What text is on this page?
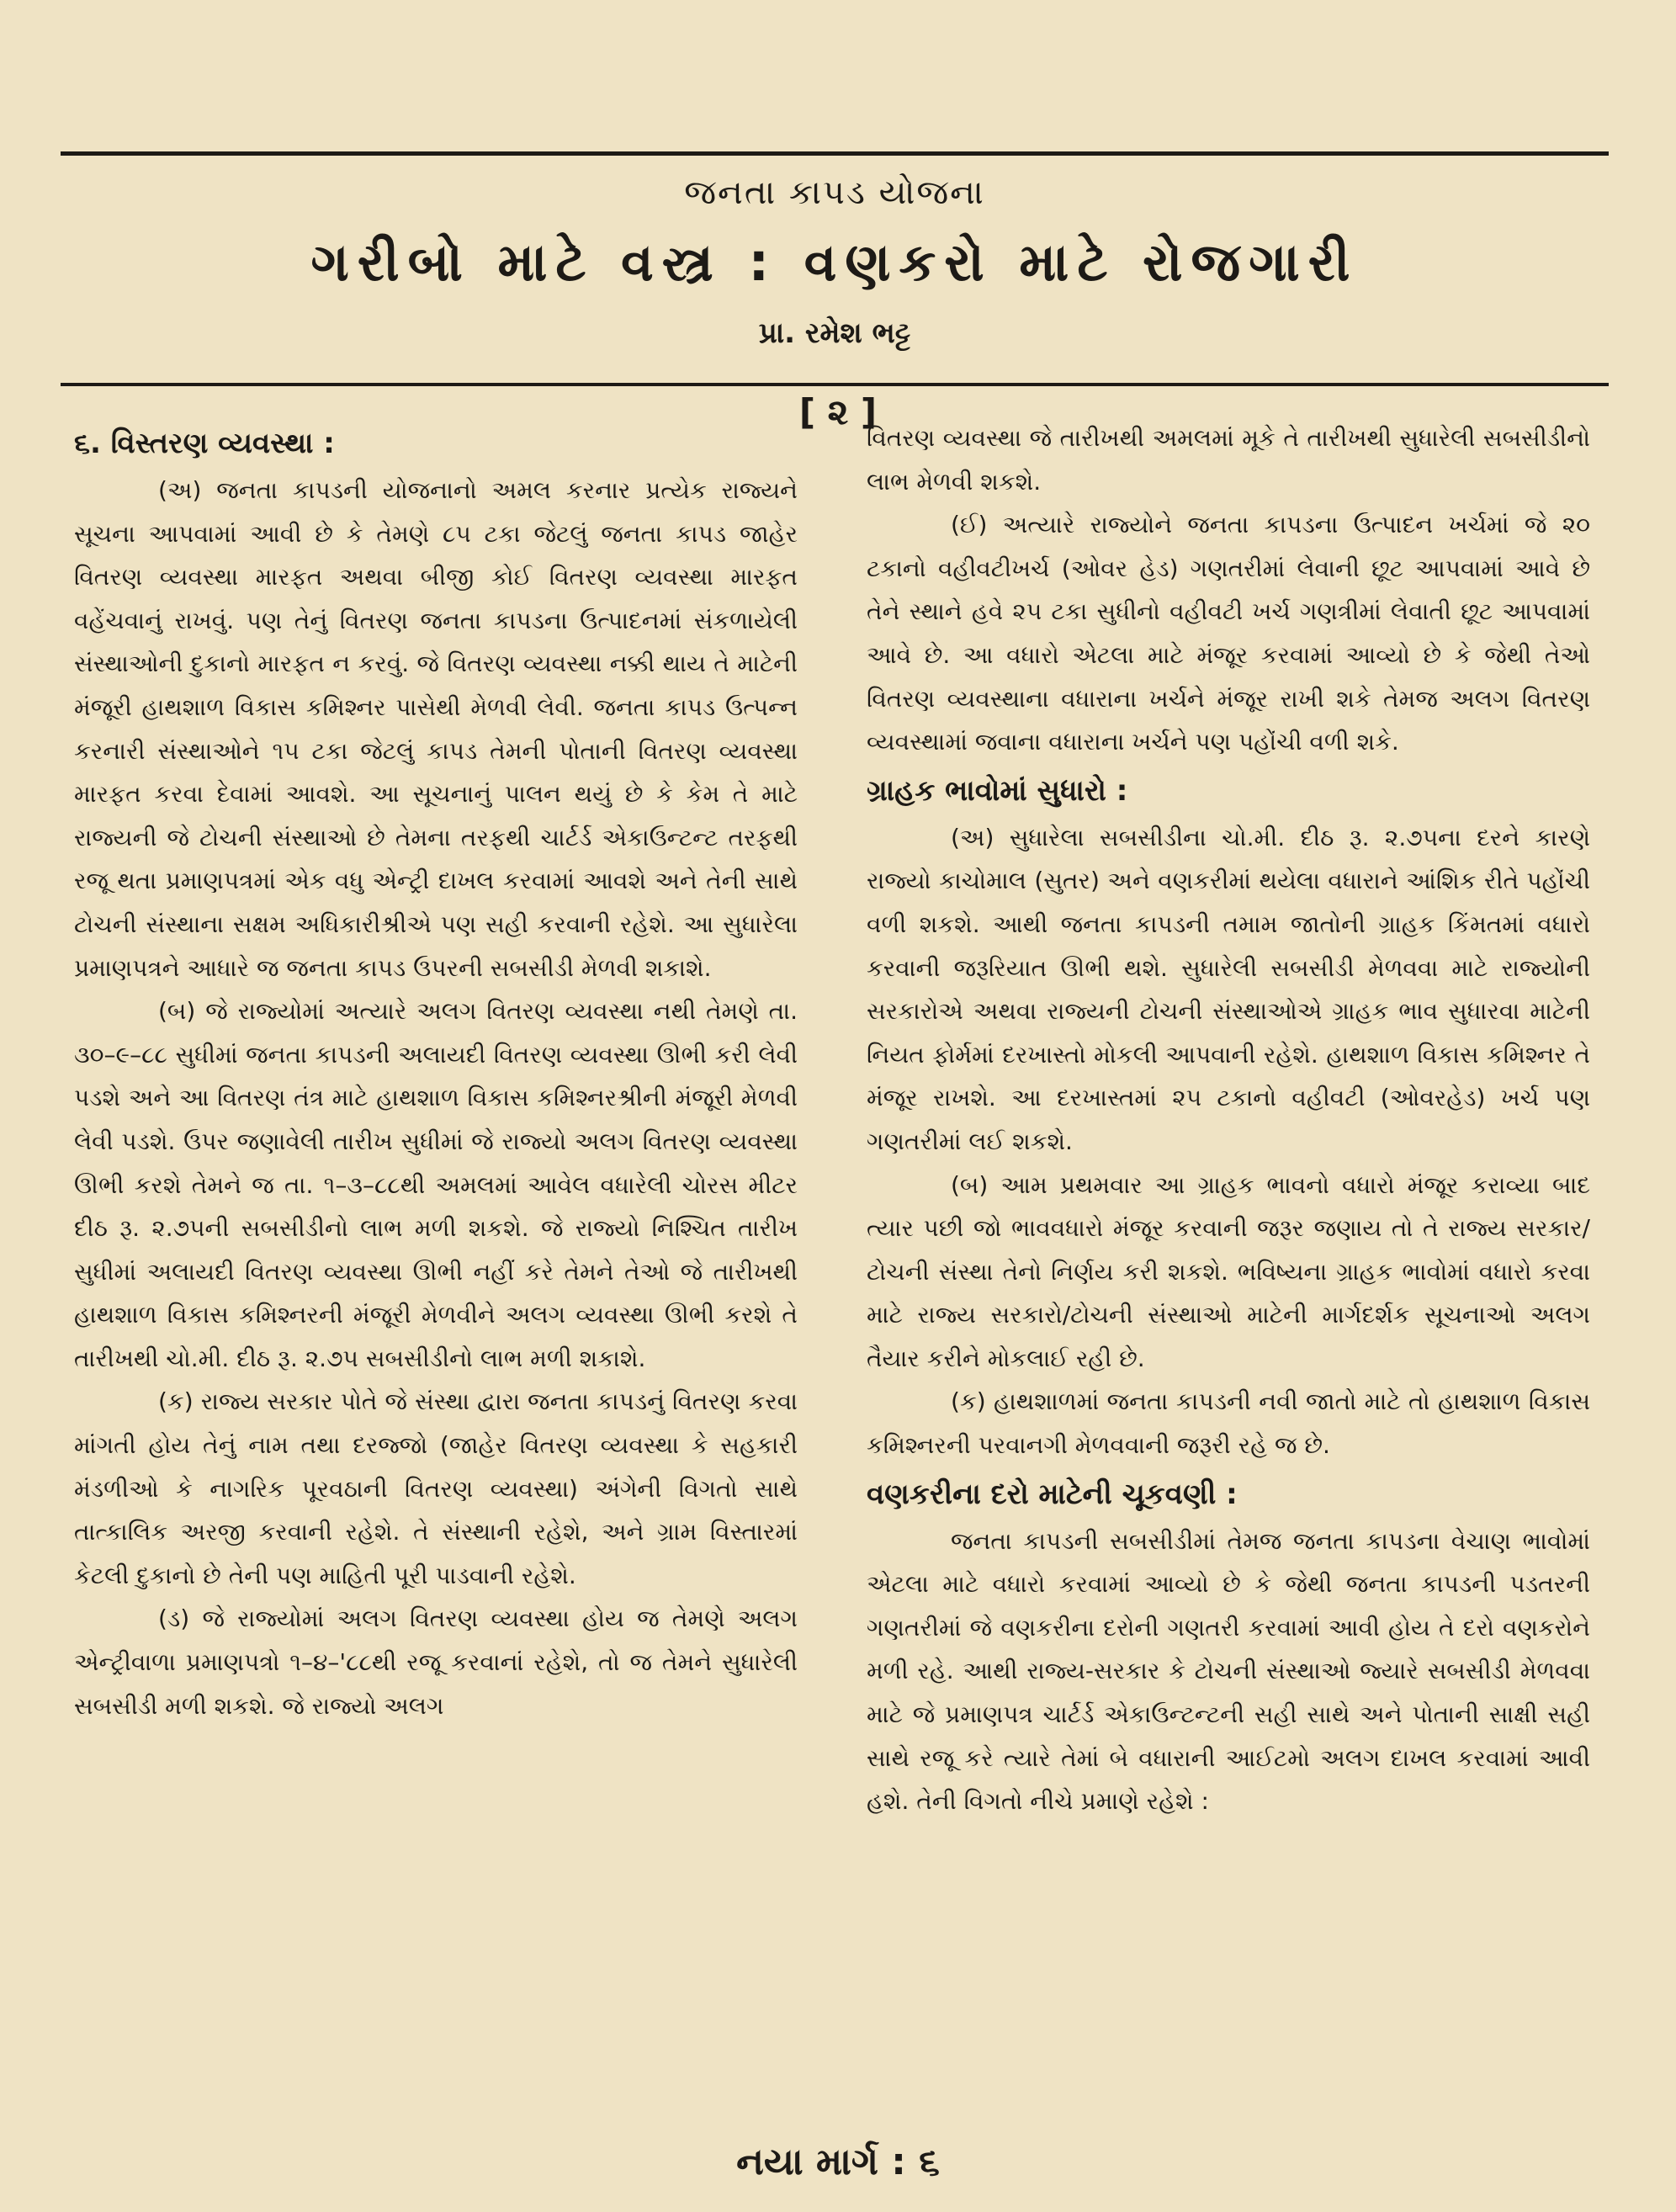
જનતા કાપડ યોજના
ગરીબો માટે વસ્ત્ર : વણકરો માટે રોજગારી
પ્રા. રમેશ ભટ્ટ
[ ૨ ]
૬. વિસ્તરણ વ્યવસ્થા :

(અ) જનતા કાપડની યોજનાનો અમલ કરનાર પ્રત્યેક રાજ્યને સૂચના આપવામાં આવી છે કે તેમણે ૮૫ ટકા જેટલું જનતા કાપડ જાહેર વિતરણ વ્યવસ્થા મારફત અથવા બીજી કોઈ વિતરણ વ્યવસ્થા મારફત વહેંચવાનું રાખવું. પણ તેનું વિતરણ જનતા કાપડના ઉત્પાદનમાં સંકળાયેલી સંસ્થાઓની દુકાનો મારફત ન કરવું. જે વિતરણ વ્યવસ્થા નક્કી થાય તે માટેની મંજૂરી હાથશાળ વિકાસ કમિશ્નર પાસેથી મેળવી લેવી. જનતા કાપડ ઉત્પન્ન કરનારી સંસ્થાઓને ૧૫ ટકા જેટલું કાપડ તેમની પોતાની વિતરણ વ્યવસ્થા મારફત કરવા દેવામાં આવશે. આ સૂચનાનું પાલન થયું છે કે કેમ તે માટે રાજ્યની જે ટોચની સંસ્થાઓ છે તેમના તરફથી ચાર્ટર્ડ એકાઉન્ટન્ટ તરફથી રજૂ થતા પ્રમાણપત્રમાં એક વધુ એન્ટ્રી દાખલ કરવામાં આવશે અને તેની સાથે ટોચની સંસ્થાના સક્ષમ અધિકારીશ્રીએ પણ સહી કરવાની રહેશે. આ સુધારેલા પ્રમાણપત્રને આધારે જ જનતા કાપડ ઉપરની સબસીડી મેળવી શકાશે.

(બ) જે રાજ્યોમાં અત્યારે અલગ વિતરણ વ્યવસ્થા નથી તેમણે તા. ૩૦–૯–૮૮ સુધીમાં જનતા કાપડની અલાયદી વિતરણ વ્યવસ્થા ઊભી કરી લેવી પડશે અને આ વિતરણ તંત્ર માટે હાથશાળ વિકાસ કમિશ્નરશ્રીની મંજૂરી મેળવી લેવી પડશે. ઉપર જણાવેલી તારીખ સુધીમાં જે રાજ્યો અલગ વિતરણ વ્યવસ્થા ઊભી કરશે તેમને જ તા. ૧–૩–૮૮થી અમલમાં આવેલ વધારેલી ચોરસ મીટર દીઠ રૂ. ૨.૭૫ની સબસીડીનો લાભ મળી શકશે. જે રાજ્યો નિશ્ચિત તારીખ સુધીમાં અલાયદી વિતરણ વ્યવસ્થા ઊભી નહીં કરે તેમને તેઓ જે તારીખથી હાથશાળ વિકાસ કમિશ્નરની મંજૂરી મેળવીને અલગ વ્યવસ્થા ઊભી કરશે તે તારીખથી ચો.મી. દીઠ રૂ. ૨.૭૫ સબસીડીનો લાભ મળી શકાશે.

(ક) રાજ્ય સરકાર પોતે જે સંસ્થા દ્વારા જનતા કાપડનું વિતરણ કરવા માંગતી હોય તેનું નામ તથા દરજ્જો (જાહેર વિતરણ વ્યવસ્થા કે સહકારી મંડળીઓ કે નાગરિક પૂરવઠાની વિતરણ વ્યવસ્થા) અંગેની વિગતો સાથે તાત્કાલિક અરજી કરવાની રહેશે. તે સંસ્થાની રહેશે, અને ગ્રામ વિસ્તારમાં કેટલી દુકાનો છે તેની પણ માહિતી પૂરી પાડવાની રહેશે.

(ડ) જે રાજ્યોમાં અલગ વિતરણ વ્યવસ્થા હોય જ તેમણે અલગ એન્ટ્રીવાળા પ્રમાણપત્રો ૧–૪–'૮૮થી રજૂ કરવાનાં રહેશે, તો જ તેમને સુધારેલી સબસીડી મળી શકશે. જે રાજ્યો અલગ

વિતરણ વ્યવસ્થા જે તારીખથી અમલમાં મૂકે તે તારીખથી સુધારેલી સબસીડીનો લાભ મેળવી શકશે.

(ઈ) અત્યારે રાજ્યોને જનતા કાપડના ઉત્પાદન ખર્ચમાં જે ૨૦ ટકાનો વહીવટીખર્ચ (ઓવર હેડ) ગણતરીમાં લેવાની છૂટ આપવામાં આવે છે તેને સ્થાને હવે ૨૫ ટકા સુધીનો વહીવટી ખર્ચ ગણત્રીમાં લેવાતી છૂટ આપવામાં આવે છે. આ વધારો એટલા માટે મંજૂર કરવામાં આવ્યો છે કે જેથી તેઓ વિતરણ વ્યવસ્થાના વધારાના ખર્ચને મંજૂર રાખી શકે તેમજ અલગ વિતરણ વ્યવસ્થામાં જવાના વધારાના ખર્ચને પણ પહોંચી વળી શકે.

ગ્રાહક ભાવોમાં સુધારો :

(અ) સુધારેલા સબસીડીના ચો.મી. દીઠ રૂ. ૨.૭૫ના દરને કારણે રાજ્યો કાચોમાલ (સુતર) અને વણકરીમાં થયેલા વધારાને આંશિક રીતે પહોંચી વળી શકશે. આથી જનતા કાપડની તમામ જાતોની ગ્રાહક કિંમતમાં વધારો કરવાની જરૂરિયાત ઊભી થશે. સુધારેલી સબસીડી મેળવવા માટે રાજ્યોની સરકારોએ અથવા રાજ્યની ટોચની સંસ્થાઓએ ગ્રાહક ભાવ સુધારવા માટેની નિયત ફોર્મમાં દરખાસ્તો મોકલી આપવાની રહેશે. હાથશાળ વિકાસ કમિશ્નર તે મંજૂર રાખશે. આ દરખાસ્તમાં ૨૫ ટકાનો વહીવટી (ઓવરહેડ) ખર્ચ પણ ગણતરીમાં લઈ શકશે.

(બ) આમ પ્રથમવાર આ ગ્રાહક ભાવનો વધારો મંજૂર કરાવ્યા બાદ ત્યાર પછી જો ભાવવધારો મંજૂર કરવાની જરૂર જણાય તો તે રાજ્ય સરકાર/ટોચની સંસ્થા તેનો નિર્ણય કરી શકશે. ભવિષ્યના ગ્રાહક ભાવોમાં વધારો કરવા માટે રાજ્ય સરકારો/ટોચની સંસ્થાઓ માટેની માર્ગદર્શક સૂચનાઓ અલગ તૈયાર કરીને મોકલાઈ રહી છે.

(ક) હાથશાળમાં જનતા કાપડની નવી જાતો માટે તો હાથશાળ વિકાસ કમિશ્નરની પરવાનગી મેળવવાની જરૂરી રહે જ છે.

વણકરીના દરો માટેની ચૂકવણી :

જનતા કાપડની સબસીડીમાં તેમજ જનતા કાપડના વેચાણ ભાવોમાં એટલા માટે વધારો કરવામાં આવ્યો છે કે જેથી જનતા કાપડની પડતરની ગણતરીમાં જે વણકરીના દરોની ગણતરી કરવામાં આવી હોય તે દરો વણકરોને મળી રહે. આથી રાજ્ય-સરકાર કે ટોચની સંસ્થાઓ જ્યારે સબસીડી મેળવવા માટે જે પ્રમાણપત્ર ચાર્ટર્ડ એકાઉન્ટન્ટની સહી સાથે અને પોતાની સાક્ષી સહી સાથે રજૂ કરે ત્યારે તેમાં બે વધારાની આઈટમો અલગ દાખલ કરવામાં આવી હશે. તેની વિગતો નીચે પ્રમાણે રહેશે :

નયા માર્ગ : ૬
